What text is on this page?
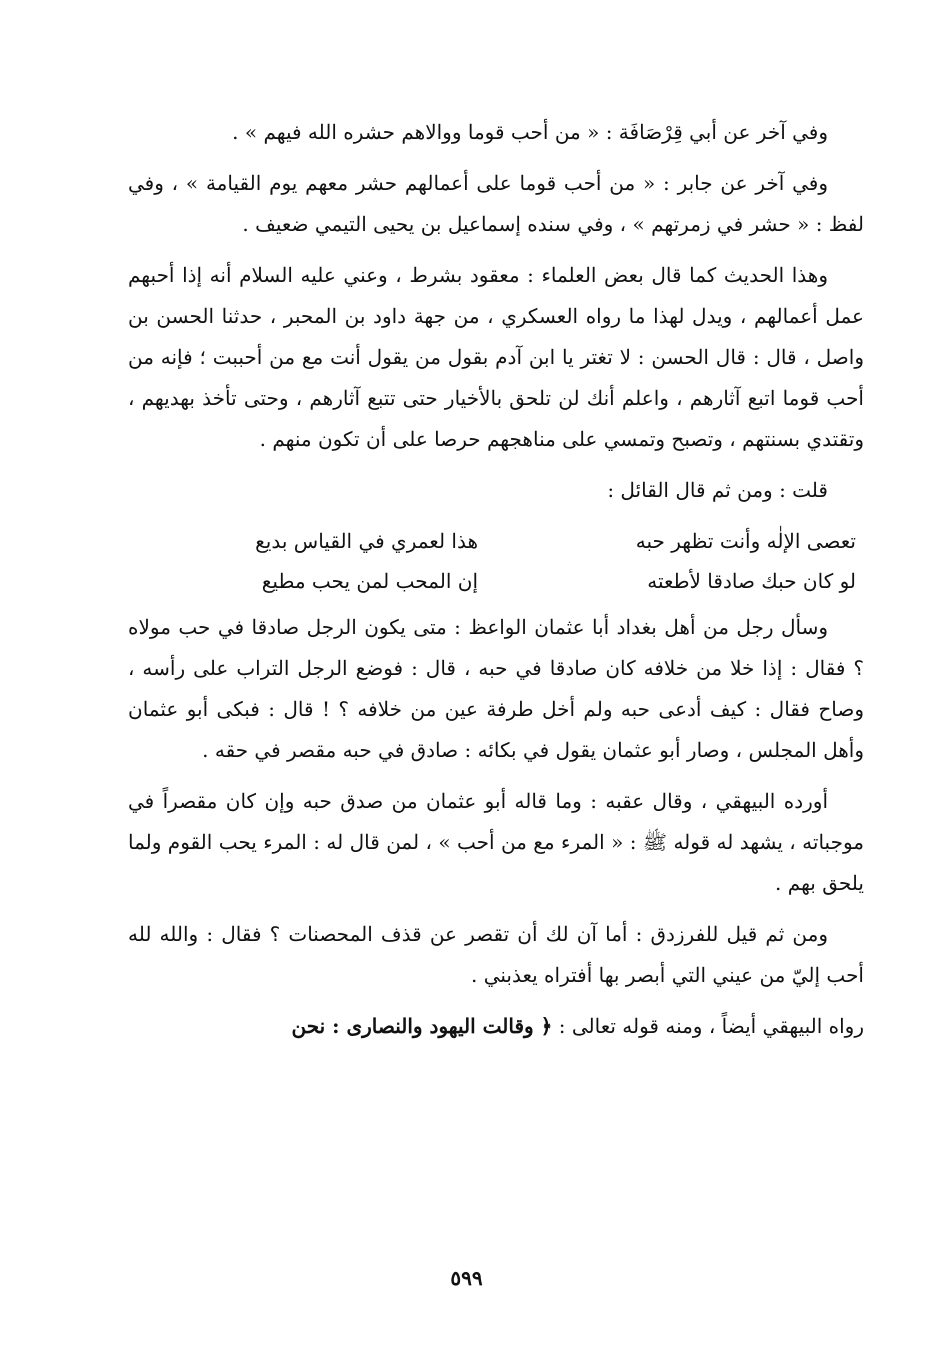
وفي آخر عن أبي قِرْصَافَة : « من أحب قوما ووالاهم حشره الله فيهم » .

وفي آخر عن جابر : « من أحب قوما على أعمالهم حشر معهم يوم القيامة » ، وفي لفظ : « حشر في زمرتهم » ، وفي سنده إسماعيل بن يحيى التيمي ضعيف .

وهذا الحديث كما قال بعض العلماء : معقود بشرط ، وعني عليه السلام أنه إذا أحبهم عمل أعمالهم ، ويدل لهذا ما رواه العسكري ، من جهة داود بن المحبر ، حدثنا الحسن بن واصل ، قال : قال الحسن : لا تغتر يا ابن آدم بقول من يقول أنت مع من أحببت ؛ فإنه من أحب قوما اتبع آثارهم ، واعلم أنك لن تلحق بالأخيار حتى تتبع آثارهم ، وحتى تأخذ بهديهم ، وتقتدي بسنتهم ، وتصبح وتمسي على مناهجهم حرصا على أن تكون منهم .

قلت : ومن ثم قال القائل :

تعصى الإلٰه وأنت تظهر حبه
هذا لعمري في القياس بديع
لو كان حبك صادقا لأطعته
إن المحب لمن يحب مطيع

وسأل رجل من أهل بغداد أبا عثمان الواعظ : متى يكون الرجل صادقا في حب مولاه ؟ فقال : إذا خلا من خلافه كان صادقا في حبه ، قال : فوضع الرجل التراب على رأسه ، وصاح فقال : كيف أدعى حبه ولم أخل طرفة عين من خلافه ؟ ! قال : فبكى أبو عثمان وأهل المجلس ، وصار أبو عثمان يقول في بكائه : صادق في حبه مقصر في حقه .

أورده البيهقي ، وقال عقبه : وما قاله أبو عثمان من صدق حبه وإن كان مقصراً في موجباته ، يشهد له قوله ﷺ : « المرء مع من أحب » ، لمن قال له : المرء يحب القوم ولما يلحق بهم .

ومن ثم قيل للفرزدق : أما آن لك أن تقصر عن قذف المحصنات ؟ فقال : والله لله أحب إليّ من عيني التي أبصر بها أفتراه يعذبني .

رواه البيهقي أيضاً ، ومنه قوله تعالى : ﴿ وقالت اليهود والنصارى : نحن

٥٩٩
